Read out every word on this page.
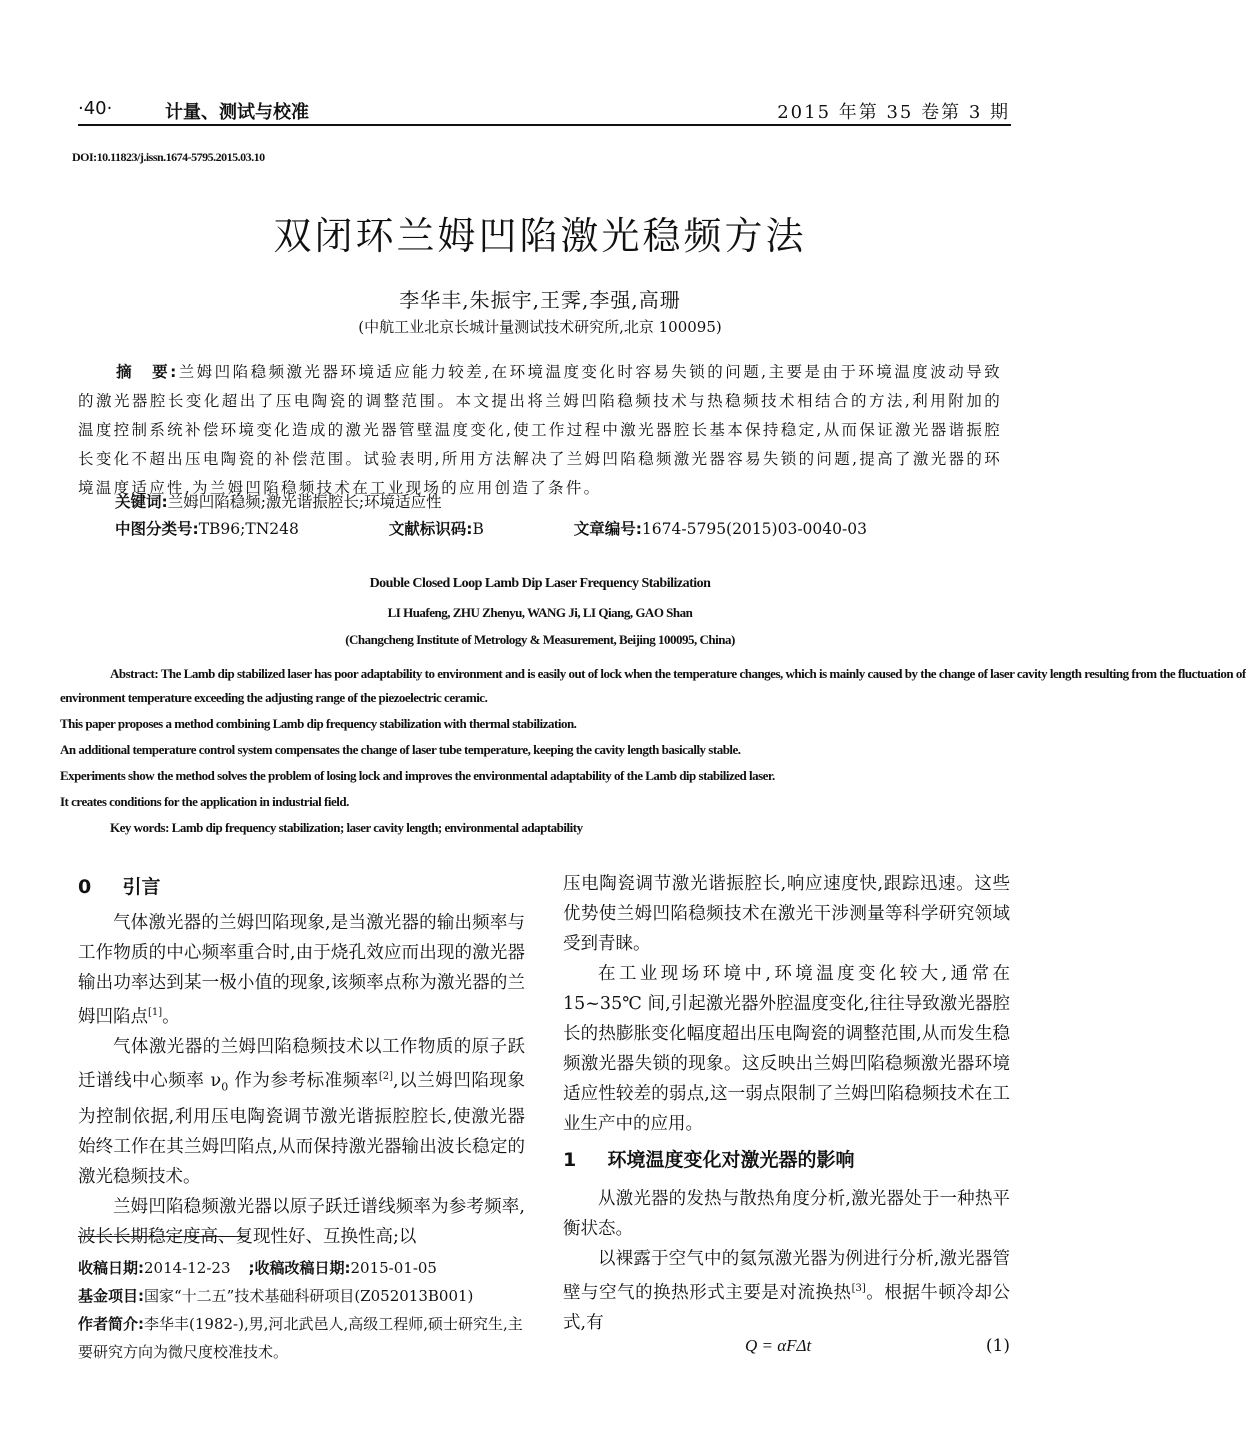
·40·	计量、测试与校准	2015 年第 35 卷第 3 期
DOI:10.11823/j.issn.1674-5795.2015.03.10
双闭环兰姆凹陷激光稳频方法
李华丰,朱振宇,王霁,李强,高珊
(中航工业北京长城计量测试技术研究所,北京 100095)
摘　要:兰姆凹陷稳频激光器环境适应能力较差,在环境温度变化时容易失锁的问题,主要是由于环境温度波动导致的激光器腔长变化超出了压电陶瓷的调整范围。本文提出将兰姆凹陷稳频技术与热稳频技术相结合的方法,利用附加的温度控制系统补偿环境变化造成的激光器管壁温度变化,使工作过程中激光器腔长基本保持稳定,从而保证激光器谐振腔长变化不超出压电陶瓷的补偿范围。试验表明,所用方法解决了兰姆凹陷稳频激光器容易失锁的问题,提高了激光器的环境温度适应性,为兰姆凹陷稳频技术在工业现场的应用创造了条件。
关键词:兰姆凹陷稳频;激光谐振腔长;环境适应性
中图分类号:TB96;TN248	文献标识码:B	文章编号:1674-5795(2015)03-0040-03
Double Closed Loop Lamb Dip Laser Frequency Stabilization
LI Huafeng, ZHU Zhenyu, WANG Ji, LI Qiang, GAO Shan
(Changcheng Institute of Metrology & Measurement, Beijing 100095, China)
Abstract: The Lamb dip stabilized laser has poor adaptability to environment and is easily out of lock when the temperature changes, which is mainly caused by the change of laser cavity length resulting from the fluctuation of
environment temperature exceeding the adjusting range of the piezoelectric ceramic.
This paper proposes a method combining Lamb dip frequency stabilization with thermal stabilization.
An additional temperature control system compensates the change of laser tube temperature, keeping the cavity length basically stable.
Experiments show the method solves the problem of losing lock and improves the environmental adaptability of the Lamb dip stabilized laser.
It creates conditions for the application in industrial field.
Key words: Lamb dip frequency stabilization; laser cavity length; environmental adaptability
0 引言

气体激光器的兰姆凹陷现象,是当激光器的输出频率与工作物质的中心频率重合时,由于烧孔效应而出现的激光器输出功率达到某一极小值的现象,该频率点称为激光器的兰姆凹陷点[1]。

气体激光器的兰姆凹陷稳频技术以工作物质的原子跃迁谱线中心频率 $\nu_0$ 作为参考标准频率[2],以兰姆凹陷现象为控制依据,利用压电陶瓷调节激光谐振腔腔长,使激光器始终工作在其兰姆凹陷点,从而保持激光器输出波长稳定的激光稳频技术。

兰姆凹陷稳频激光器以原子跃迁谱线频率为参考频率,波长长期稳定度高、复现性好、互换性高;以

收稿日期:2014-12-23 ;收稿改稿日期:2015-01-05
基金项目:国家“十二五”技术基础科研项目(Z052013B001)
作者简介:李华丰(1982-),男,河北武邑人,高级工程师,硕士研究生,主要研究方向为微尺度校准技术。

压电陶瓷调节激光谐振腔长,响应速度快,跟踪迅速。这些优势使兰姆凹陷稳频技术在激光干涉测量等科学研究领域受到青睐。

在工业现场环境中,环境温度变化较大,通常在 15~35℃ 间,引起激光器外腔温度变化,往往导致激光器腔长的热膨胀变化幅度超出压电陶瓷的调整范围,从而发生稳频激光器失锁的现象。这反映出兰姆凹陷稳频激光器环境适应性较差的弱点,这一弱点限制了兰姆凹陷稳频技术在工业生产中的应用。

1 环境温度变化对激光器的影响

从激光器的发热与散热角度分析,激光器处于一种热平衡状态。

以裸露于空气中的氦氖激光器为例进行分析,激光器管壁与空气的换热形式主要是对流换热[3]。根据牛顿冷却公式,有

Q = αFΔt	(1)
